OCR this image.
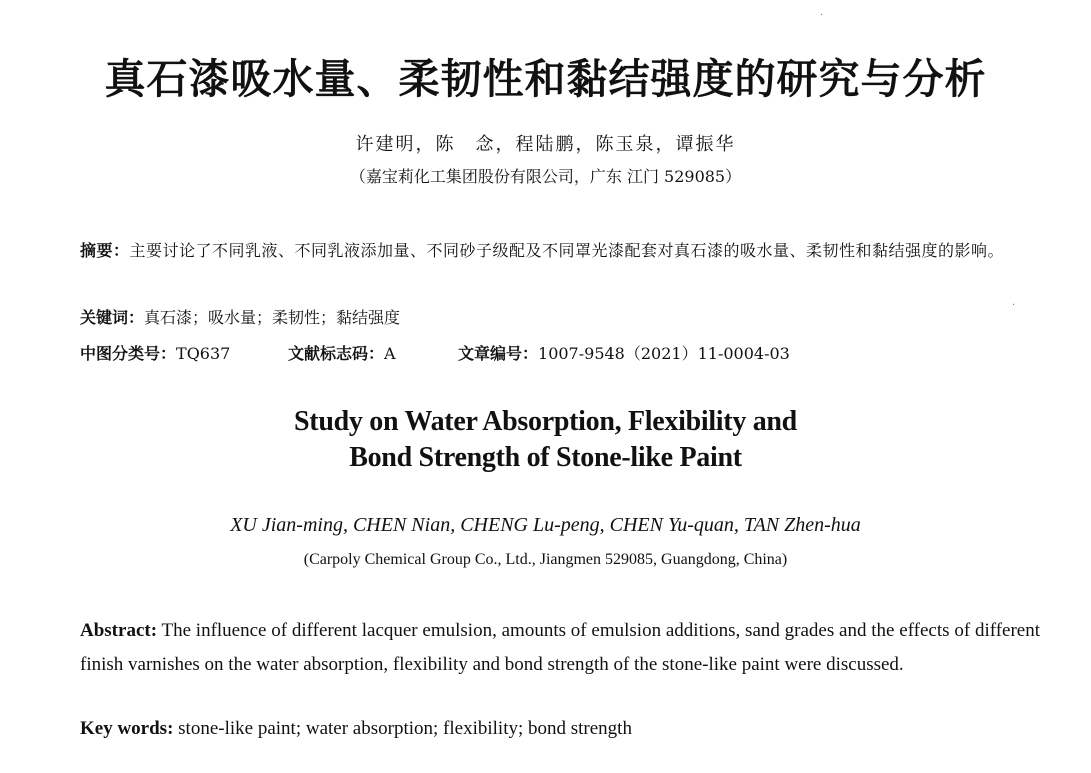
·
·
真石漆吸水量、柔韧性和黏结强度的研究与分析
许建明，陈　念，程陆鹏，陈玉泉，谭振华
（嘉宝莉化工集团股份有限公司，广东 江门 529085）
摘要：主要讨论了不同乳液、不同乳液添加量、不同砂子级配及不同罩光漆配套对真石漆的吸水量、柔韧性和黏结强度的影响。
关键词：真石漆；吸水量；柔韧性；黏结强度
中图分类号：TQ637	文献标志码：A	文章编号：1007-9548（2021）11-0004-03
Study on Water Absorption, Flexibility and
Bond Strength of Stone-like Paint
XU Jian-ming, CHEN Nian, CHENG Lu-peng, CHEN Yu-quan, TAN Zhen-hua
(Carpoly Chemical Group Co., Ltd., Jiangmen 529085, Guangdong, China)
Abstract: The influence of different lacquer emulsion, amounts of emulsion additions, sand grades and the effects of different finish varnishes on the water absorption, flexibility and bond strength of the stone-like paint were discussed.
Key words: stone-like paint; water absorption; flexibility; bond strength
